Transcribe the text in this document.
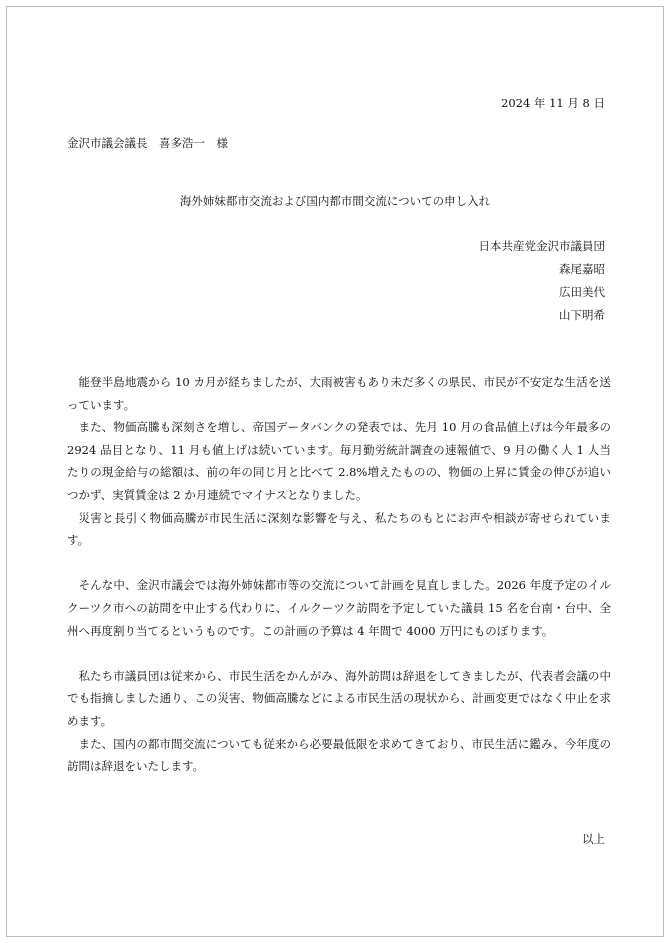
2024 年 11 月 8 日
金沢市議会議長　喜多浩一　様
海外姉妹都市交流および国内都市間交流についての申し入れ
日本共産党金沢市議員団
森尾嘉昭
広田美代
山下明希

能登半島地震から 10 カ月が経ちましたが、大雨被害もあり未だ多くの県民、市民が不安定な生活を送っています。

また、物価高騰も深刻さを増し、帝国データバンクの発表では、先月 10 月の食品値上げは今年最多の 2924 品目となり、11 月も値上げは続いています。毎月勤労統計調査の速報値で、9 月の働く人 1 人当たりの現金給与の総額は、前の年の同じ月と比べて 2.8%増えたものの、物価の上昇に賃金の伸びが追いつかず、実質賃金は 2 か月連続でマイナスとなりました。

災害と長引く物価高騰が市民生活に深刻な影響を与え、私たちのもとにお声や相談が寄せられています。

そんな中、金沢市議会では海外姉妹都市等の交流について計画を見直しました。2026 年度予定のイルクーツク市への訪問を中止する代わりに、イルクーツク訪問を予定していた議員 15 名を台南・台中、全州へ再度割り当てるというものです。この計画の予算は 4 年間で 4000 万円にものぼります。

私たち市議員団は従来から、市民生活をかんがみ、海外訪問は辞退をしてきましたが、代表者会議の中でも指摘しました通り、この災害、物価高騰などによる市民生活の現状から、計画変更ではなく中止を求めます。

また、国内の都市間交流についても従来から必要最低限を求めてきており、市民生活に鑑み、今年度の訪問は辞退をいたします。

以上
